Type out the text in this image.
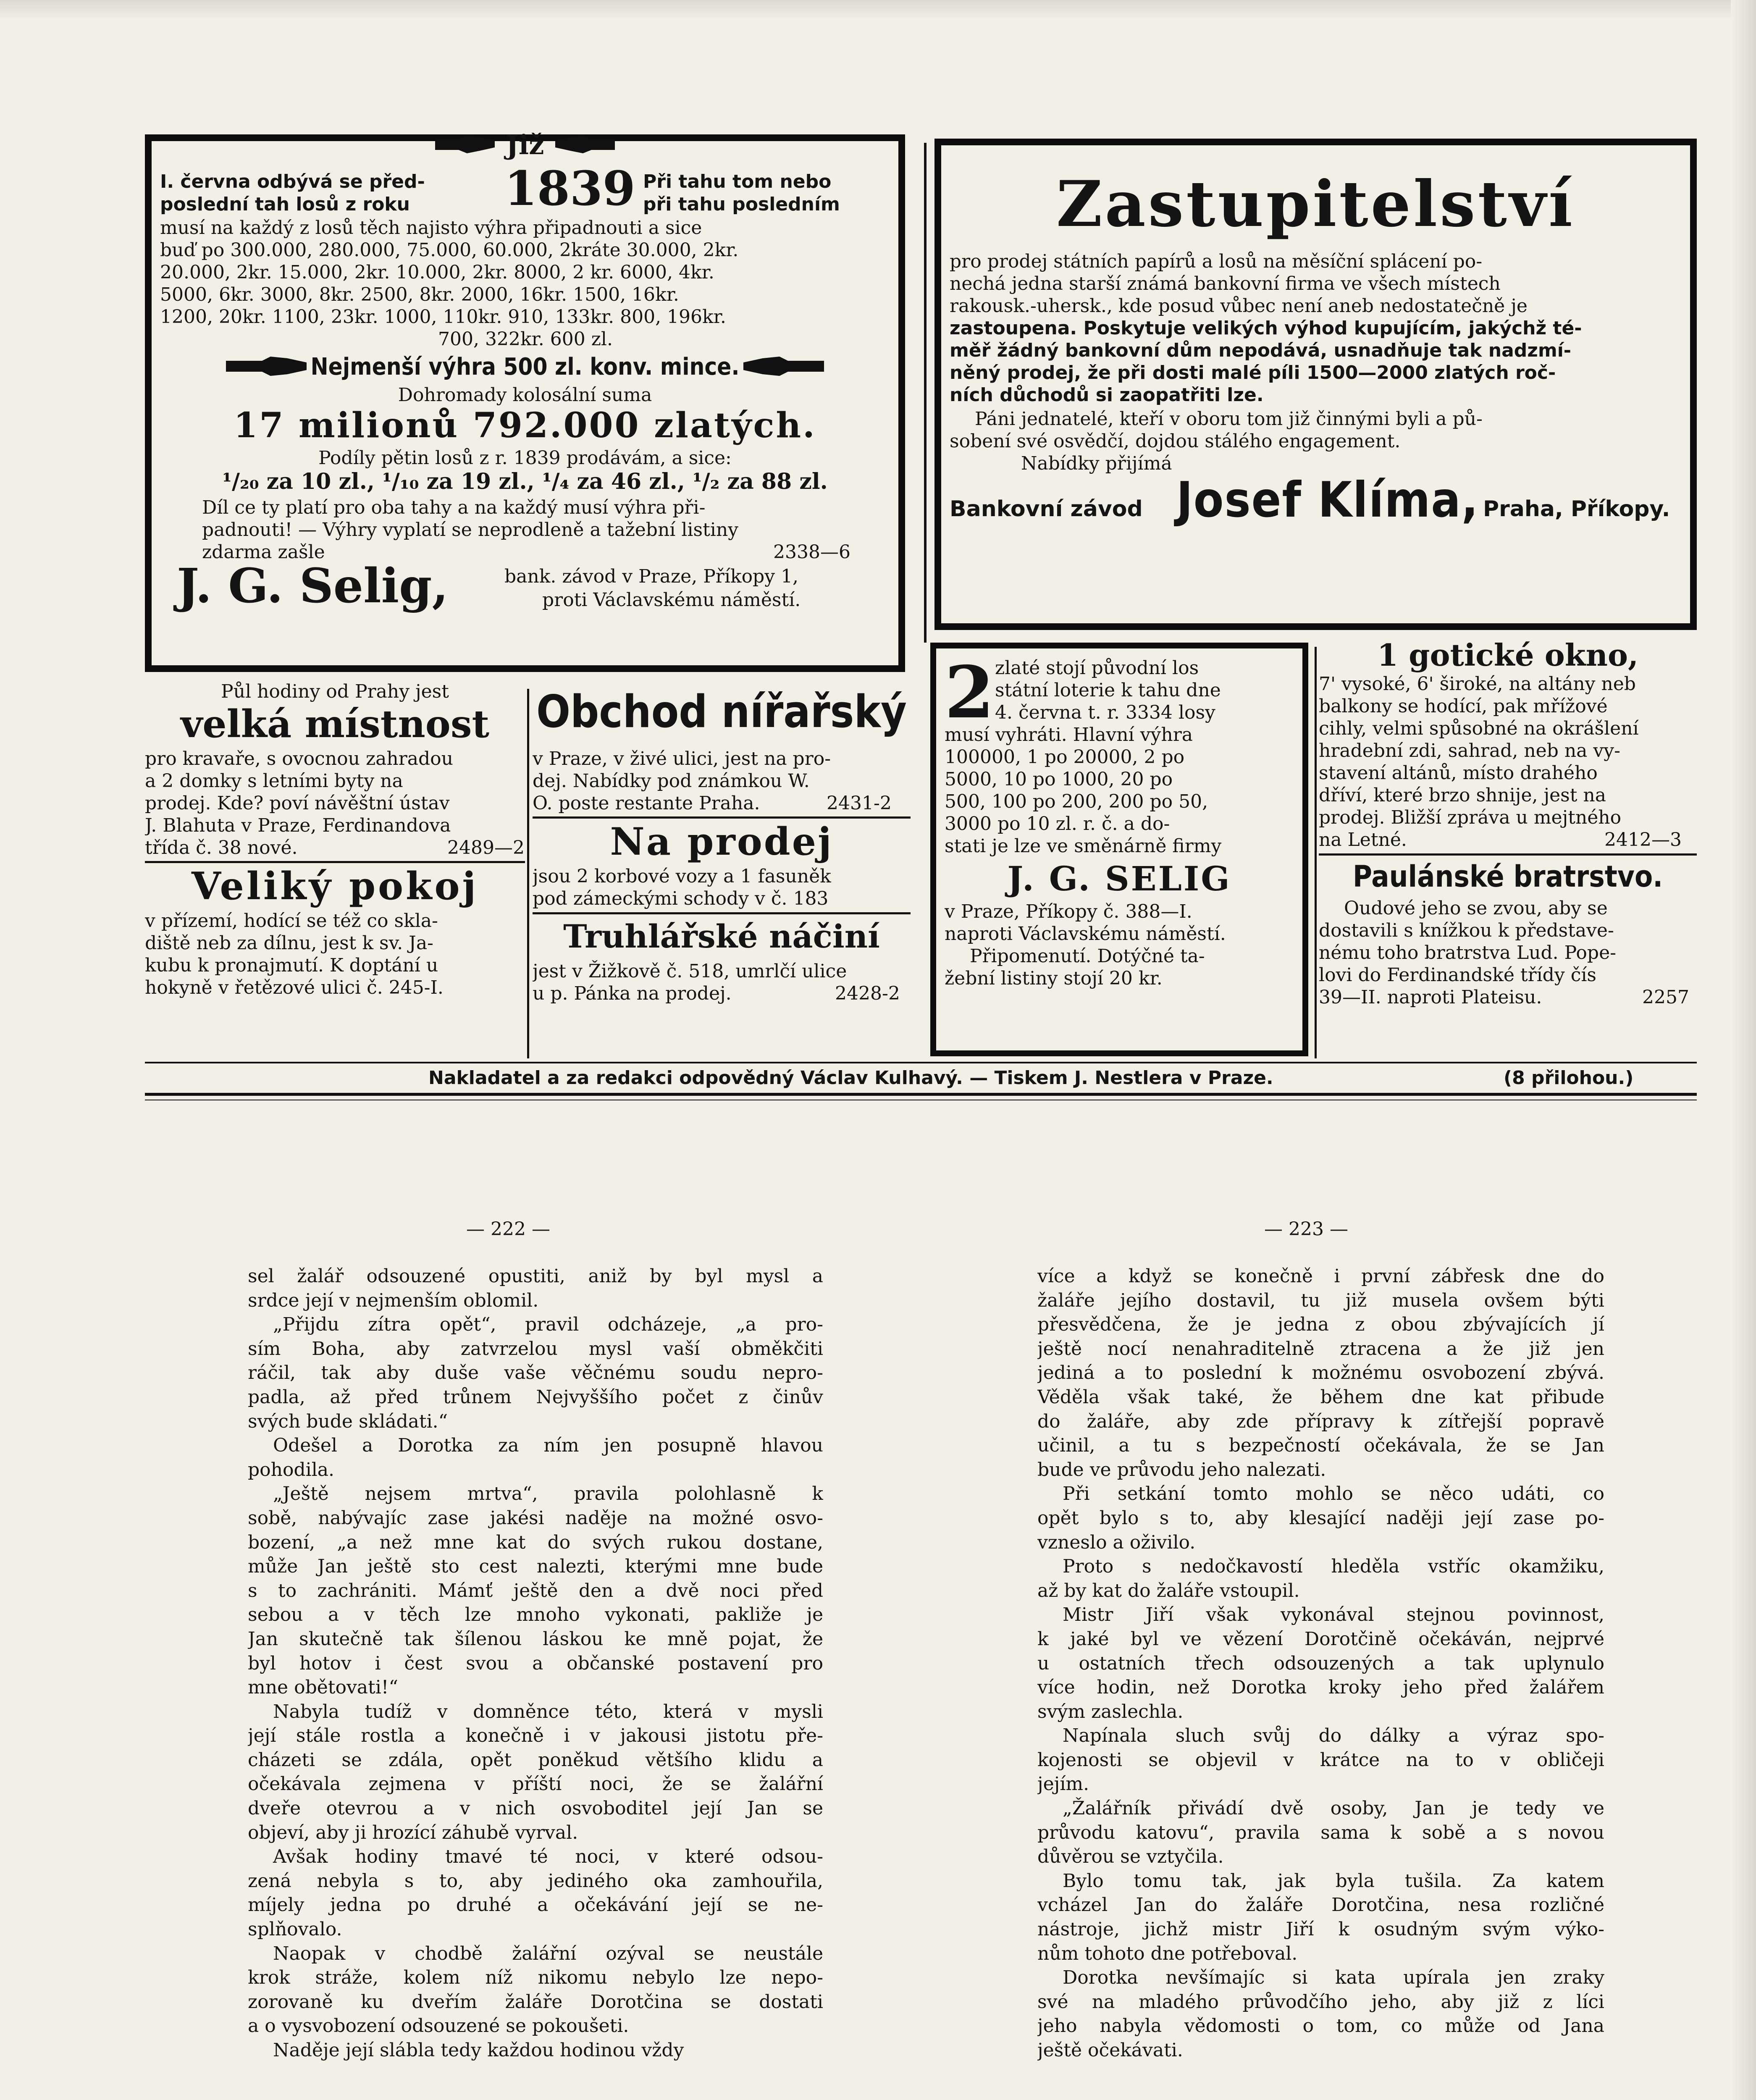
Již
I. června odbývá se před-
poslední tah losů z roku	1839 Při tahu tom nebo
při tahu posledním
musí na každý z losů těch najisto výhra připadnouti a sice
buď po 300.000, 280.000, 75.000, 60.000, 2kráte 30.000, 2kr.
20.000, 2kr. 15.000, 2kr. 10.000, 2kr. 8000, 2 kr. 6000, 4kr.
5000, 6kr. 3000, 8kr. 2500, 8kr. 2000, 16kr. 1500, 16kr.
1200, 20kr. 1100, 23kr. 1000, 110kr. 910, 133kr. 800, 196kr.
700, 322kr. 600 zl.
Nejmenší výhra 500 zl. konv. mince.
Dohromady kolosální suma
17 milionů 792.000 zlatých.
Podíly pětin losů z r. 1839 prodávám, a sice:
¹/₂₀ za 10 zl., ¹/₁₀ za 19 zl., ¹/₄ za 46 zl., ¹/₂ za 88 zl.
Díl ce ty platí pro oba tahy a na každý musí výhra při-
padnouti! — Výhry vyplatí se neprodleně a tažební listiny
zdarma zašle	2338—6
J. G. Selig,	bank. závod v Praze, Příkopy 1,
proti Václavskému náměstí.
Zastupitelství
pro prodej státních papírů a losů na měsíční splácení po-
nechá jedna starší známá bankovní firma ve všech místech
rakousk.-uhersk., kde posud vůbec není aneb nedostatečně je
zastoupena. Poskytuje velikých výhod kupujícím, jakýchž té-
měř žádný bankovní dům nepodává, usnadňuje tak nadzmí-
něný prodej, že při dosti malé píli 1500—2000 zlatých roč-
ních důchodů si zaopatřiti lze.
Páni jednatelé, kteří v oboru tom již činnými byli a pů-
sobení své osvědčí, dojdou stálého engagement.
Nabídky přijímá
Bankovní závod Josef Klíma, Praha, Příkopy.
Půl hodiny od Prahy jest
velká místnost
pro kravaře, s ovocnou zahradou
a 2 domky s letními byty na
prodej. Kde? poví návěštní ústav
J. Blahuta v Praze, Ferdinandova
třída č. 38 nové.	2489—2
Veliký pokoj
v přízemí, hodící se též co skla-
diště neb za dílnu, jest k sv. Ja-
kubu k pronajmutí. K doptání u
hokyně v řetězové ulici č. 245-I.
Obchod nířařský
v Praze, v živé ulici, jest na pro-
dej. Nabídky pod známkou W.
O. poste restante Praha.	2431-2
Na prodej
jsou 2 korbové vozy a 1 fasuněk
pod zámeckými schody v č. 183
Truhlářské náčiní
jest v Žižkově č. 518, umrlčí ulice
u p. Pánka na prodej.	2428-2
2 zlaté stojí původní los
státní loterie k tahu dne
4. června t. r. 3334 losy
musí vyhráti. Hlavní výhra
100000, 1 po 20000, 2 po
5000, 10 po 1000, 20 po
500, 100 po 200, 200 po 50,
3000 po 10 zl. r. č. a do-
stati je lze ve směnárně firmy
J. G. SELIG
v Praze, Příkopy č. 388—I.
naproti Václavskému náměstí.
Připomenutí. Dotýčné ta-
žební listiny stojí 20 kr.
1 gotické okno,
7' vysoké, 6' široké, na altány neb
balkony se hodící, pak mřížové
cihly, velmi spůsobné na okrášlení
hradební zdi, sahrad, neb na vy-
stavení altánů, místo drahého
dříví, které brzo shnije, jest na
prodej. Bližší zpráva u mejtného
na Letné.	2412—3
Paulánské bratrstvo.
Oudové jeho se zvou, aby se
dostavili s knížkou k představe-
nému toho bratrstva Lud. Pope-
lovi do Ferdinandské třídy čís
39—II. naproti Plateisu.	2257
Nakladatel a za redakci odpovědný Václav Kulhavý. — Tiskem J. Nestlera v Praze.	(8 přilohou.)
— 222 —	— 223 —
sel žalář odsouzené opustiti, aniž by byl mysl a
srdce její v nejmenším oblomil.
„Přijdu zítra opět“, pravil odcházeje, „a pro-
sím Boha, aby zatvrzelou mysl vaší obměkčiti
ráčil, tak aby duše vaše věčnému soudu nepro-
padla, až před trůnem Nejvyššího počet z činův
svých bude skládati.“
Odešel a Dorotka za ním jen posupně hlavou
pohodila.
„Ještě nejsem mrtva“, pravila polohlasně k
sobě, nabývajíc zase jakési naděje na možné osvo-
bození, „a než mne kat do svých rukou dostane,
může Jan ještě sto cest nalezti, kterými mne bude
s to zachrániti. Mámť ještě den a dvě noci před
sebou a v těch lze mnoho vykonati, pakliže je
Jan skutečně tak šílenou láskou ke mně pojat, že
byl hotov i čest svou a občanské postavení pro
mne obětovati!“
Nabyla tudíž v domněnce této, která v mysli
její stále rostla a konečně i v jakousi jistotu pře-
cházeti se zdála, opět poněkud většího klidu a
očekávala zejmena v příští noci, že se žalářní
dveře otevrou a v nich osvoboditel její Jan se
objeví, aby ji hrozící záhubě vyrval.
Avšak hodiny tmavé té noci, v které odsou-
zená nebyla s to, aby jediného oka zamhouřila,
míjely jedna po druhé a očekávání její se ne-
splňovalo.
Naopak v chodbě žalářní ozýval se neustále
krok stráže, kolem níž nikomu nebylo lze nepo-
zorovaně ku dveřím žaláře Dorotčina se dostati
a o vysvobození odsouzené se pokoušeti.
Naděje její slábla tedy každou hodinou vždy
více a když se konečně i první zábřesk dne do
žaláře jejího dostavil, tu již musela ovšem býti
přesvědčena, že je jedna z obou zbývajících jí
ještě nocí nenahraditelně ztracena a že již jen
jediná a to poslední k možnému osvobození zbývá.
Věděla však také, že během dne kat přibude
do žaláře, aby zde přípravy k zítřejší popravě
učinil, a tu s bezpečností očekávala, že se Jan
bude ve průvodu jeho nalezati.
Při setkání tomto mohlo se něco udáti, co
opět bylo s to, aby klesající naději její zase po-
vzneslo a oživilo.
Proto s nedočkavostí hleděla vstříc okamžiku,
až by kat do žaláře vstoupil.
Mistr Jiří však vykonával stejnou povinnost,
k jaké byl ve vězení Dorotčině očekáván, nejprvé
u ostatních třech odsouzených a tak uplynulo
více hodin, než Dorotka kroky jeho před žalářem
svým zaslechla.
Napínala sluch svůj do dálky a výraz spo-
kojenosti se objevil v krátce na to v obličeji
jejím.
„Žalářník přivádí dvě osoby, Jan je tedy ve
průvodu katovu“, pravila sama k sobě a s novou
důvěrou se vztyčila.
Bylo tomu tak, jak byla tušila. Za katem
vcházel Jan do žaláře Dorotčina, nesa rozličné
nástroje, jichž mistr Jiří k osudným svým výko-
nům tohoto dne potřeboval.
Dorotka nevšímajíc si kata upírala jen zraky
své na mladého průvodčího jeho, aby již z líci
jeho nabyla vědomosti o tom, co může od Jana
ještě očekávati.
